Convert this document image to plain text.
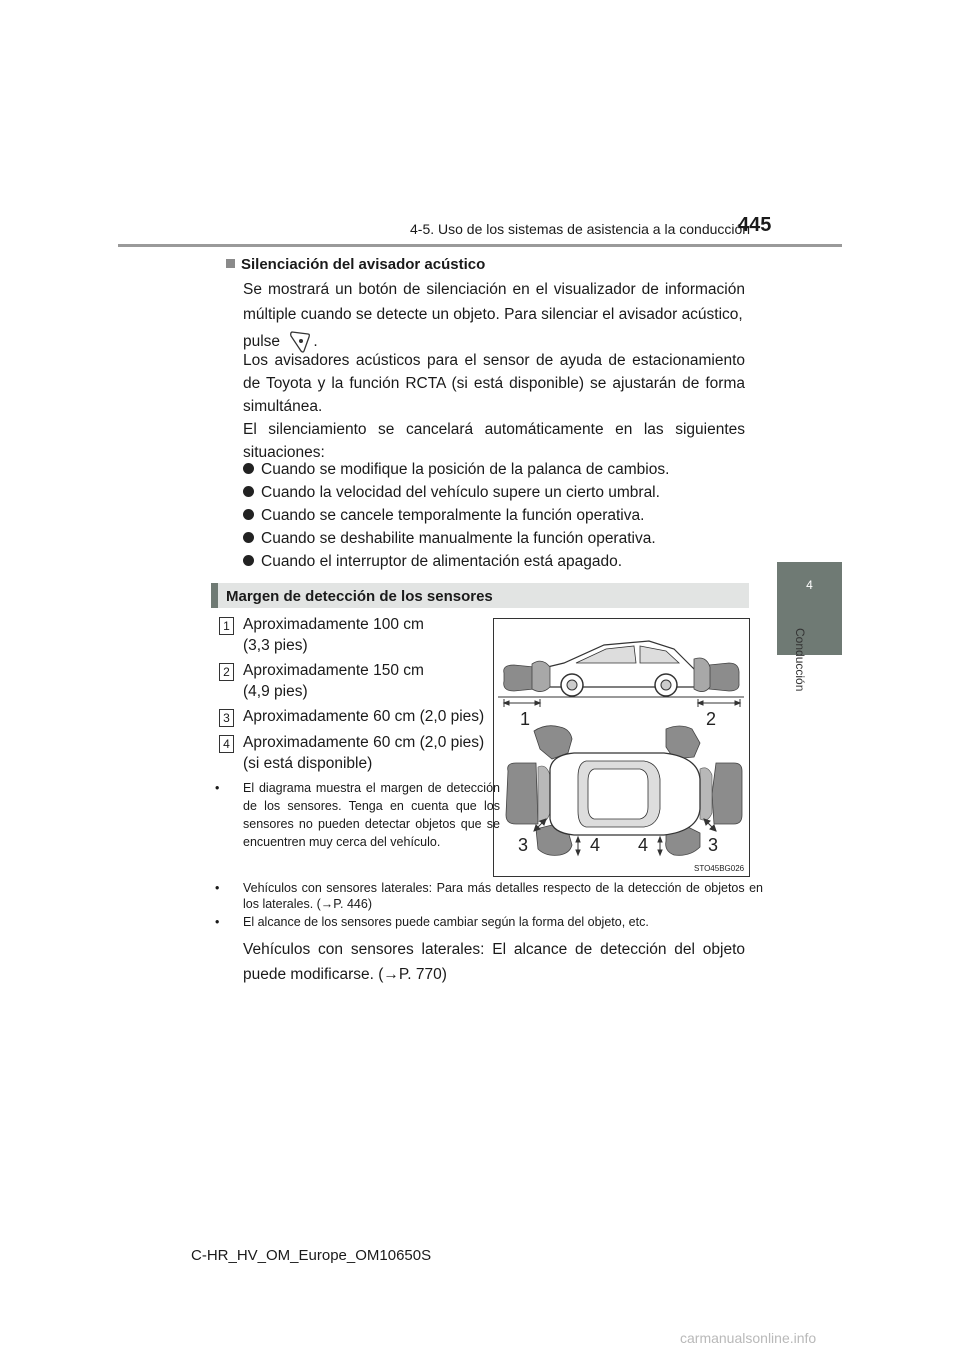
4-5. Uso de los sistemas de asistencia a la conducción
445
4
Conducción
Silenciación del avisador acústico
Se mostrará un botón de silenciación en el visualizador de información múltiple cuando se detecte un objeto. Para silenciar el avisador acústico,
pulse .
Los avisadores acústicos para el sensor de ayuda de estacionamiento de Toyota y la función RCTA (si está disponible) se ajustarán de forma simultánea.
El silenciamiento se cancelará automáticamente en las siguientes situaciones:
Cuando se modifique la posición de la palanca de cambios.
Cuando la velocidad del vehículo supere un cierto umbral.
Cuando se cancele temporalmente la función operativa.
Cuando se deshabilite manualmente la función operativa.
Cuando el interruptor de alimentación está apagado.
Margen de detección de los sensores
1 Aproximadamente 100 cm
(3,3 pies)
2 Aproximadamente 150 cm
(4,9 pies)
3 Aproximadamente 60 cm (2,0 pies)
4 Aproximadamente 60 cm (2,0 pies)
(si está disponible)
• El diagrama muestra el margen de detección de los sensores. Tenga en cuenta que los sensores no pueden detectar objetos que se encuentren muy cerca del vehículo.
1	2
3	4 4	3
STO45BG026
• Vehículos con sensores laterales: Para más detalles respecto de la detección de objetos en los laterales. (→P. 446)
• El alcance de los sensores puede cambiar según la forma del objeto, etc.
Vehículos con sensores laterales: El alcance de detección del objeto puede modificarse. (→P. 770)
C-HR_HV_OM_Europe_OM10650S
carmanualsonline.info
